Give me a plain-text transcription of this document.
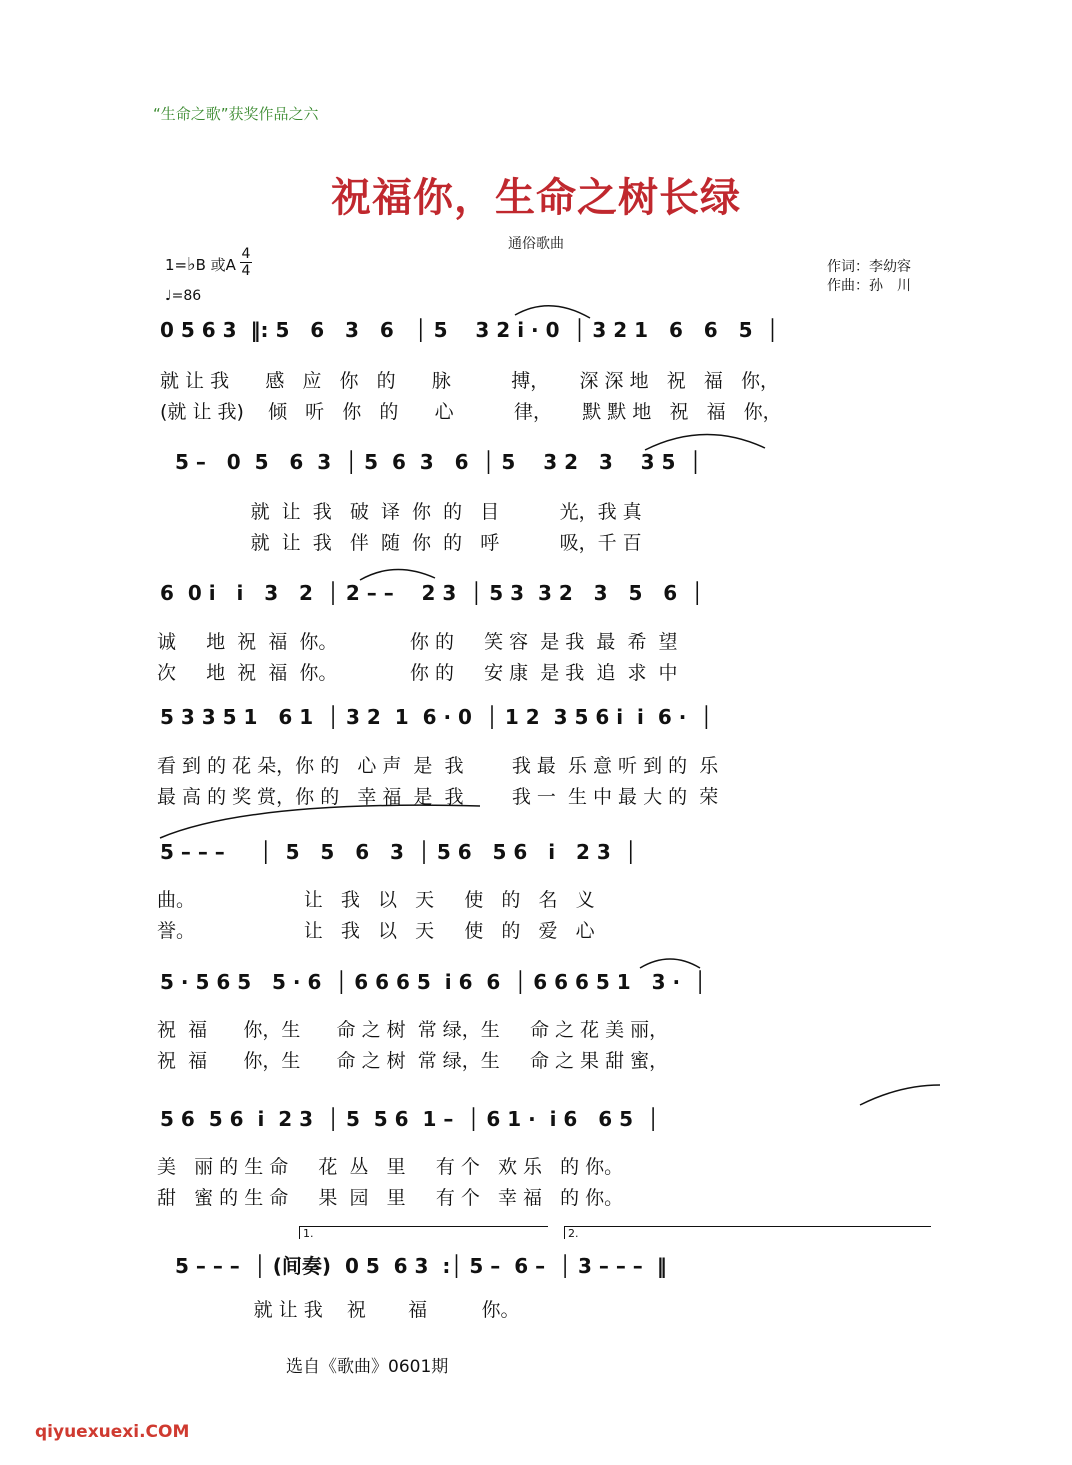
“生命之歌”获奖作品之六
祝福你，生命之树长绿
通俗歌曲
1=♭B 或A
4
4
♩=86
作词：李幼容
作曲：孙　川
0 5 6 3  ‖: 5   6   3   6   │ 5    3 2 i · 0  │ 3 2 1   6   6   5  │
就 让 我      感   应   你   的      脉          搏，     深 深 地   祝   福   你，
(就 让 我)    倾   听   你   的      心          律，     默 默 地   祝   福   你，
5 –   0  5   6  3  │ 5  6  3   6  │ 5    3 2   3    3 5  │
就  让  我   破  译  你  的   目          光，我 真
就  让  我   伴  随  你  的   呼          吸，千 百
6  0 i   i   3   2  │ 2 – –    2 3  │ 5 3  3 2   3   5   6  │
诚     地  祝  福  你。            你 的     笑 容  是 我  最  希  望
次     地  祝  福  你。            你 的     安 康  是 我  追  求  中
5 3 3 5 1   6 1  │ 3 2  1  6 · 0  │ 1 2  3 5 6 i  i  6 ·  │
看 到 的 花 朵，你 的   心 声  是  我        我 最  乐 意 听 到 的  乐
最 高 的 奖 赏，你 的   幸 福  是  我        我 一  生 中 最 大 的  荣
5 – – –     │  5   5   6   3  │ 5 6   5 6   i   2 3  │
曲。                  让   我   以   天     使   的   名   义
誉。                  让   我   以   天     使   的   爱   心
5 · 5 6 5   5 · 6  │ 6 6 6 5  i 6  6  │ 6 6 6 5 1   3 ·  │
祝  福      你，生      命 之 树  常 绿，生     命 之 花 美 丽，
祝  福      你，生      命 之 树  常 绿，生     命 之 果 甜 蜜，
5 6  5 6  i  2 3  │ 5  5 6  1 –  │ 6 1 ·  i 6   6 5  │
美   丽 的 生 命     花  丛   里     有 个   欢 乐   的 你。
甜   蜜 的 生 命     果  园   里     有 个   幸 福   的 你。
1.	2.
5 – – –  │ (间奏)  0 5  6 3  :│ 5 –  6 –  │ 3 – – –  ‖
就 让 我    祝       福         你。
选自《歌曲》0601期
qiyuexuexi.COM
